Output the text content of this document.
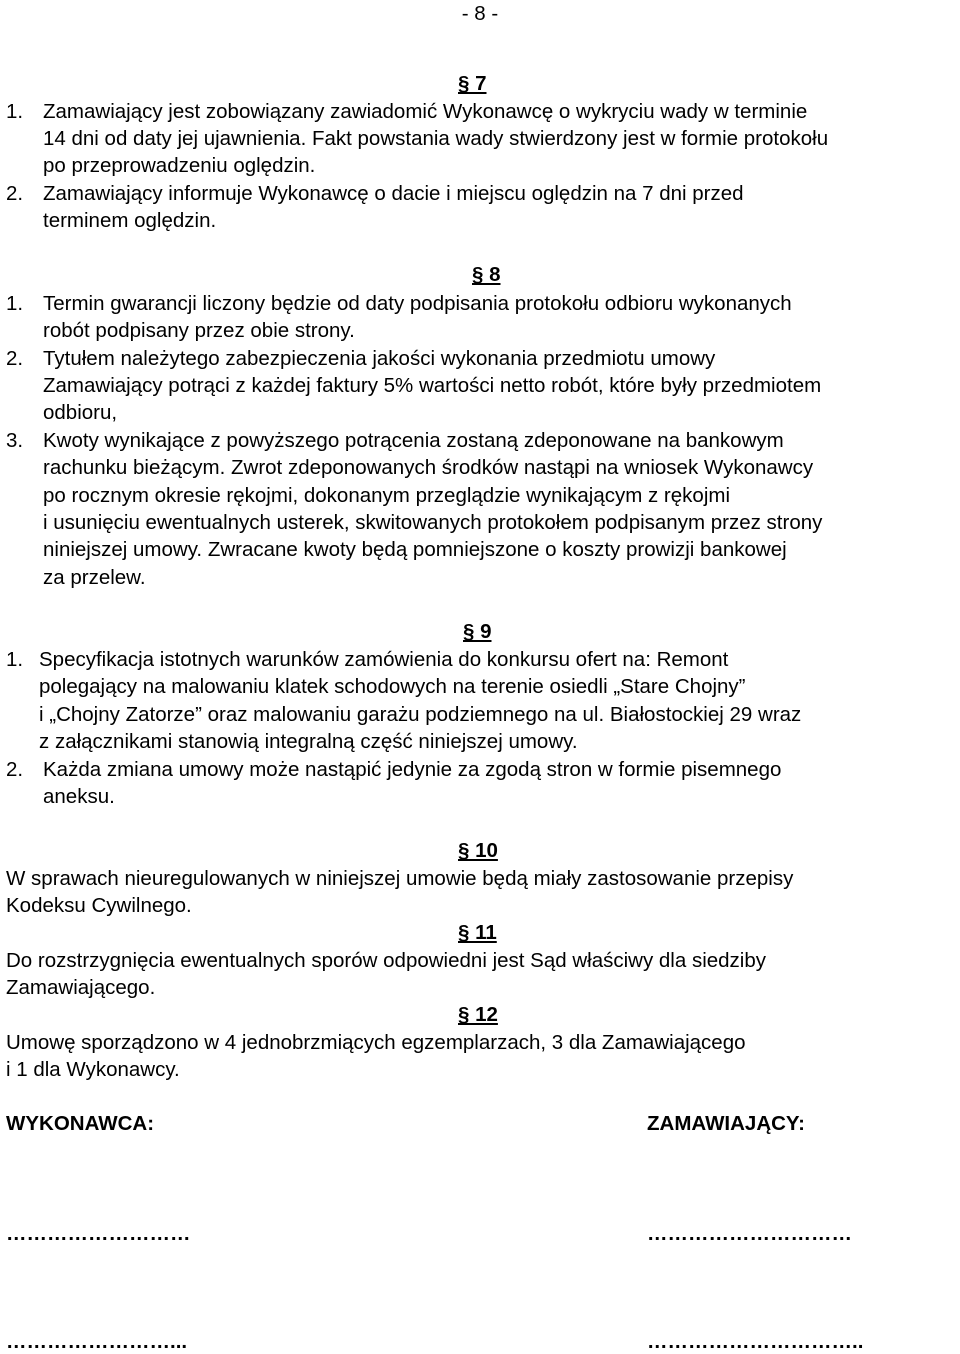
- 8 -
§ 7
1. Zamawiający jest zobowiązany zawiadomić Wykonawcę o wykryciu wady w terminie
14 dni od daty jej ujawnienia. Fakt powstania wady stwierdzony jest w formie protokołu
po przeprowadzeniu oględzin.
2. Zamawiający informuje Wykonawcę o dacie i miejscu oględzin na 7 dni przed
terminem oględzin.
§ 8
1. Termin gwarancji liczony będzie od daty podpisania protokołu odbioru wykonanych
robót podpisany przez obie strony.
2. Tytułem należytego zabezpieczenia jakości wykonania przedmiotu umowy
Zamawiający potrąci z każdej faktury 5% wartości netto robót, które były przedmiotem
odbioru,
3. Kwoty wynikające z powyższego potrącenia zostaną zdeponowane na bankowym
rachunku bieżącym. Zwrot zdeponowanych środków nastąpi na wniosek Wykonawcy
po rocznym okresie rękojmi, dokonanym przeglądzie wynikającym z rękojmi
i usunięciu ewentualnych usterek, skwitowanych protokołem podpisanym przez strony
niniejszej umowy. Zwracane kwoty będą pomniejszone o koszty prowizji bankowej
za przelew.
§ 9
1. Specyfikacja istotnych warunków zamówienia do konkursu ofert na: Remont
polegający na malowaniu klatek schodowych na terenie osiedli „Stare Chojny”
i „Chojny Zatorze” oraz malowaniu garażu podziemnego na ul. Białostockiej 29 wraz
z załącznikami stanowią integralną część niniejszej umowy.
2. Każda zmiana umowy może nastąpić jedynie za zgodą stron w formie pisemnego
aneksu.
§ 10
W sprawach nieuregulowanych w niniejszej umowie będą miały zastosowanie przepisy
Kodeksu Cywilnego.
§ 11
Do rozstrzygnięcia ewentualnych sporów odpowiedni jest Sąd właściwy dla siedziby
Zamawiającego.
§ 12
Umowę sporządzono w 4 jednobrzmiących egzemplarzach, 3 dla Zamawiającego
i 1 dla Wykonawcy.
WYKONAWCA:	ZAMAWIAJĄCY:
………………………	…………………………
……………………...	…………………………..
